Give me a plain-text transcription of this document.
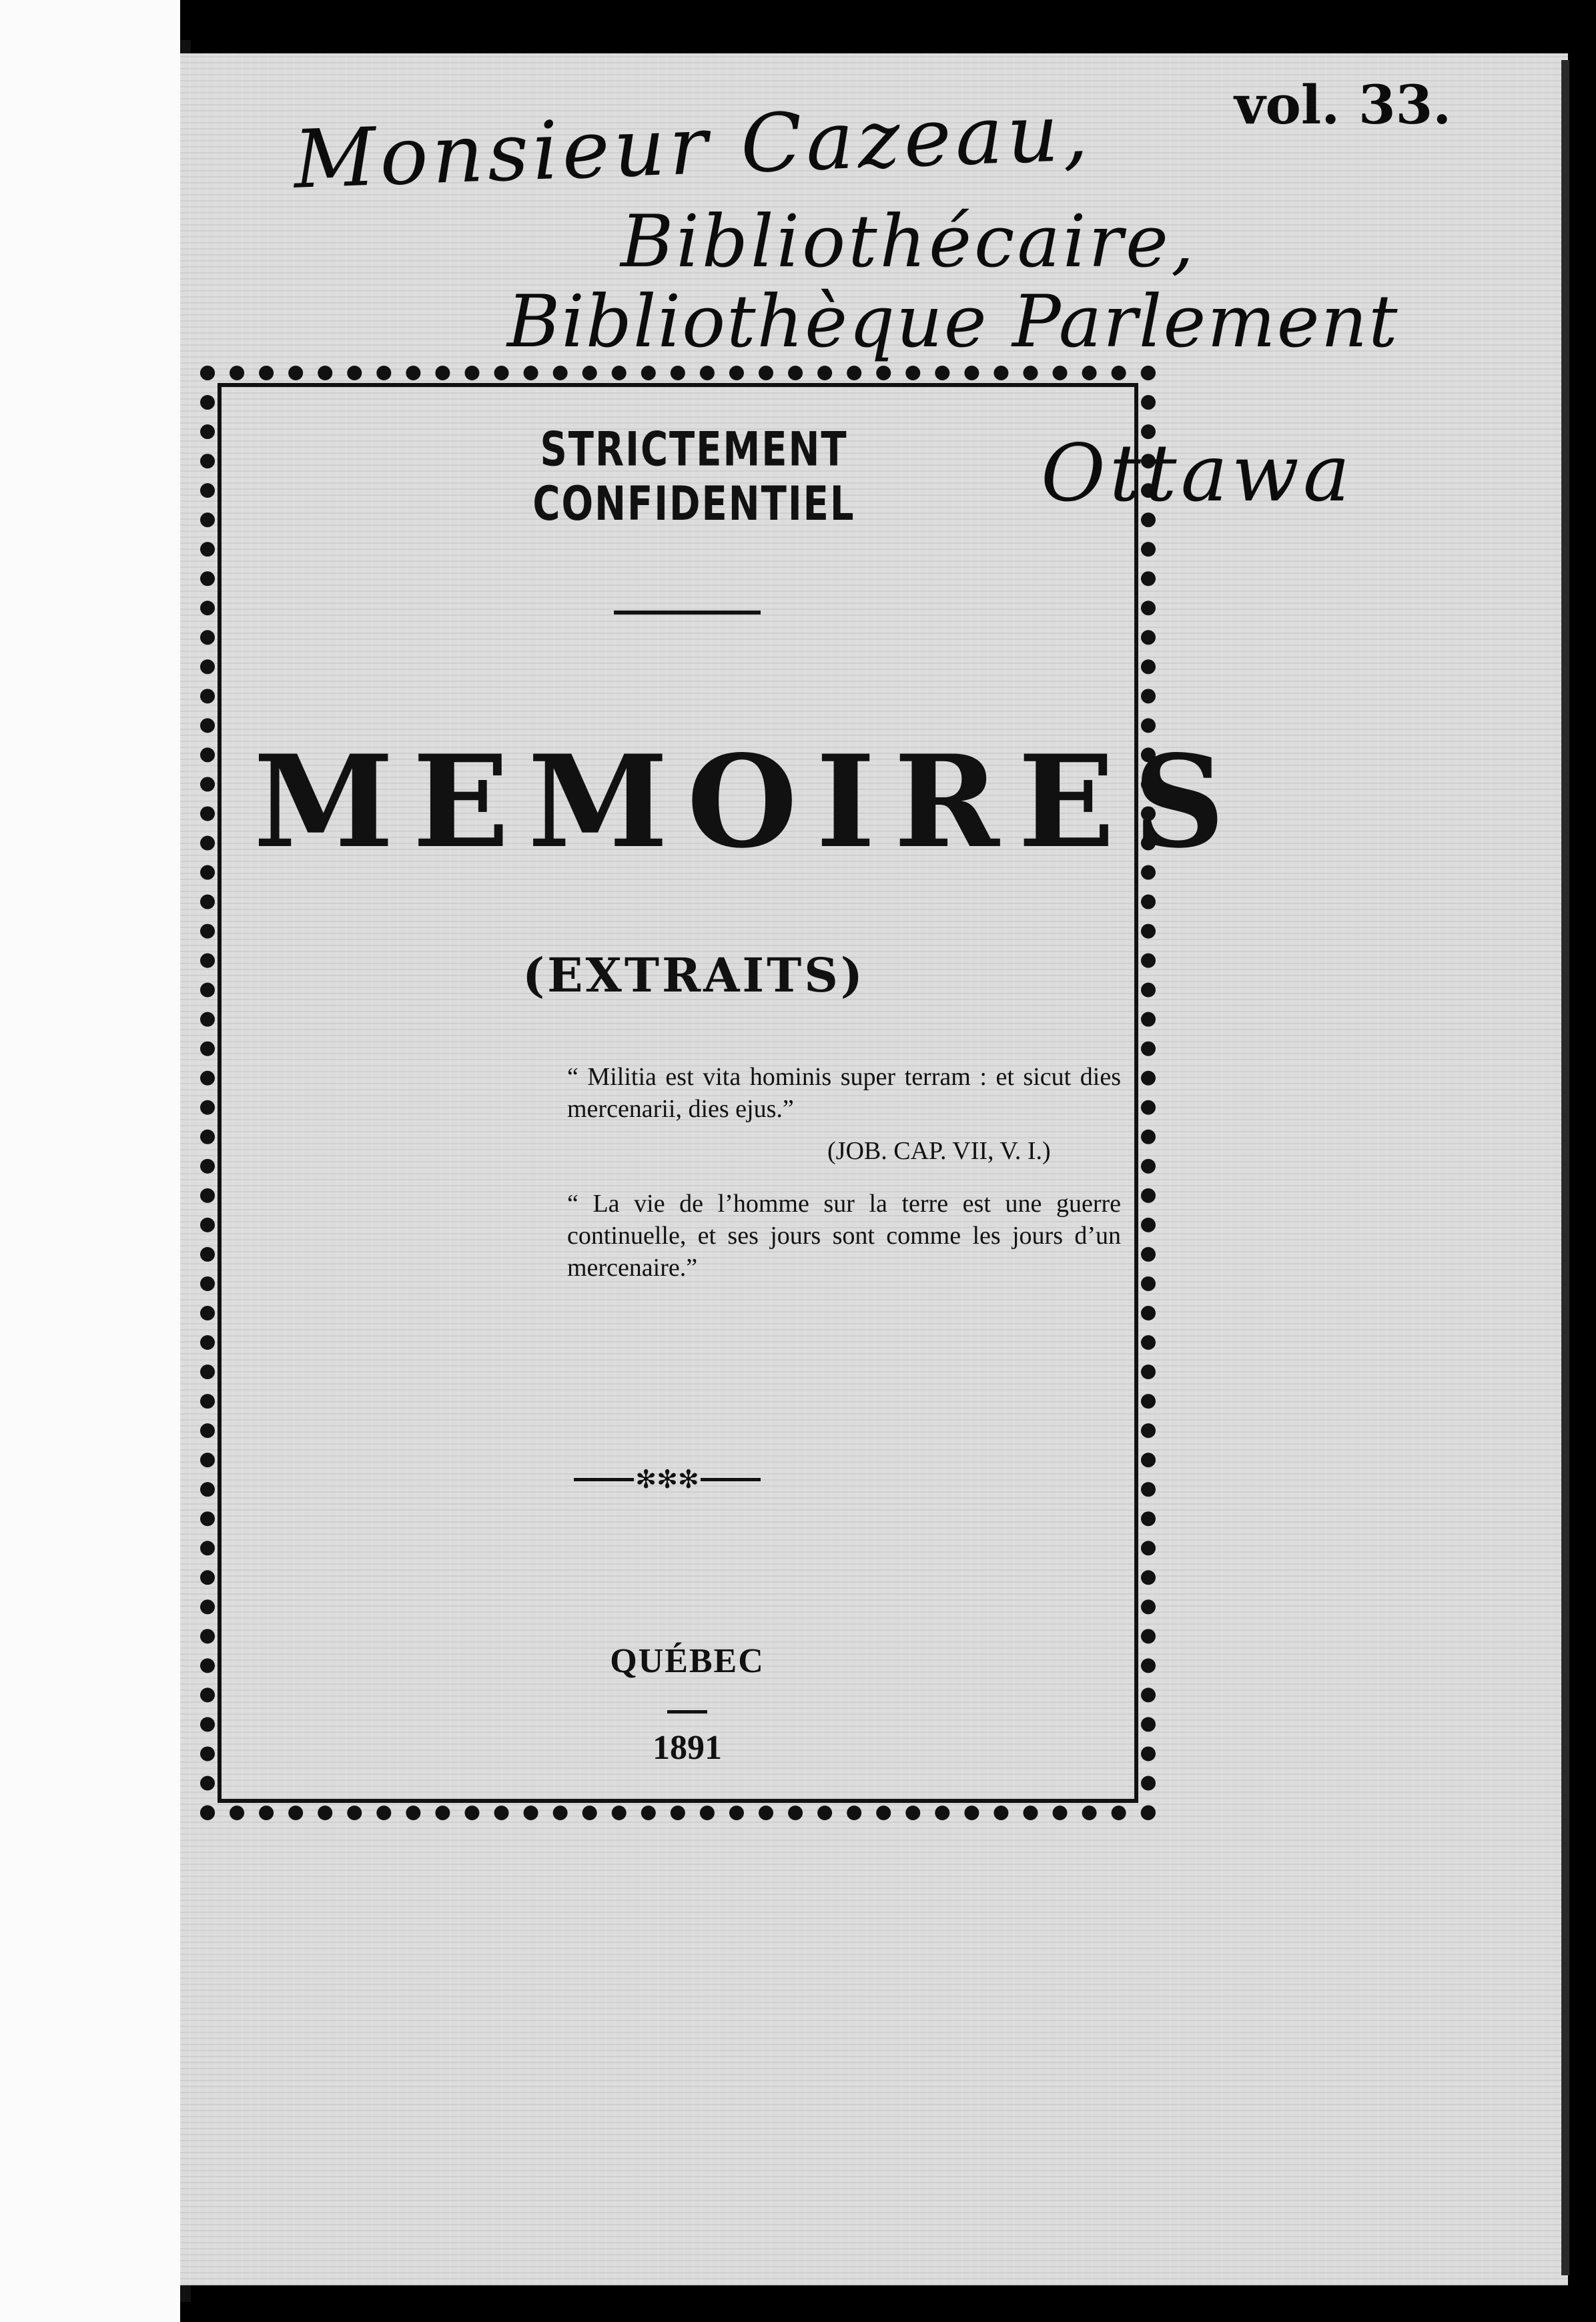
vol. 33.
Monsieur Cazeau,
Bibliothécaire,
Bibliothèque Parlement
Ottawa
STRICTEMENT CONFIDENTIEL
MEMOIRES
(EXTRAITS)
“ Militia est vita hominis super terram : et sicut dies mercenarii, dies ejus.”
(JOB. CAP. VII, V. I.)
“ La vie de l’homme sur la terre est une guerre continuelle, et ses jours sont comme les jours d’un mercenaire.”
✻✻✻
QUÉBEC
1891
